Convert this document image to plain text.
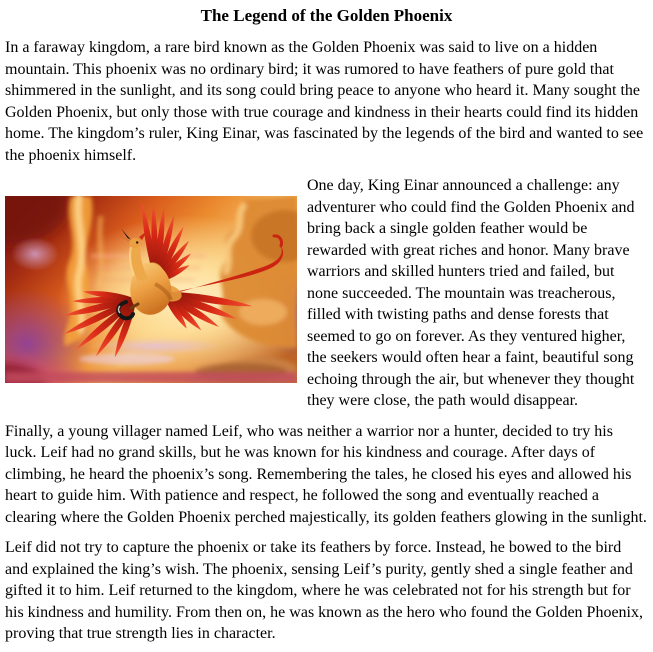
The Legend of the Golden Phoenix

In a faraway kingdom, a rare bird known as the Golden Phoenix was said to live on a hidden mountain. This phoenix was no ordinary bird; it was rumored to have feathers of pure gold that shimmered in the sunlight, and its song could bring peace to anyone who heard it. Many sought the Golden Phoenix, but only those with true courage and kindness in their hearts could find its hidden home. The kingdom’s ruler, King Einar, was fascinated by the legends of the bird and wanted to see the phoenix himself.

One day, King Einar announced a challenge: any adventurer who could find the Golden Phoenix and bring back a single golden feather would be rewarded with great riches and honor. Many brave warriors and skilled hunters tried and failed, but none succeeded. The mountain was treacherous, filled with twisting paths and dense forests that seemed to go on forever. As they ventured higher, the seekers would often hear a faint, beautiful song echoing through the air, but whenever they thought they were close, the path would disappear.

Finally, a young villager named Leif, who was neither a warrior nor a hunter, decided to try his luck. Leif had no grand skills, but he was known for his kindness and courage. After days of climbing, he heard the phoenix’s song. Remembering the tales, he closed his eyes and allowed his heart to guide him. With patience and respect, he followed the song and eventually reached a clearing where the Golden Phoenix perched majestically, its golden feathers glowing in the sunlight.

Leif did not try to capture the phoenix or take its feathers by force. Instead, he bowed to the bird and explained the king’s wish. The phoenix, sensing Leif’s purity, gently shed a single feather and gifted it to him. Leif returned to the kingdom, where he was celebrated not for his strength but for his kindness and humility. From then on, he was known as the hero who found the Golden Phoenix, proving that true strength lies in character.
